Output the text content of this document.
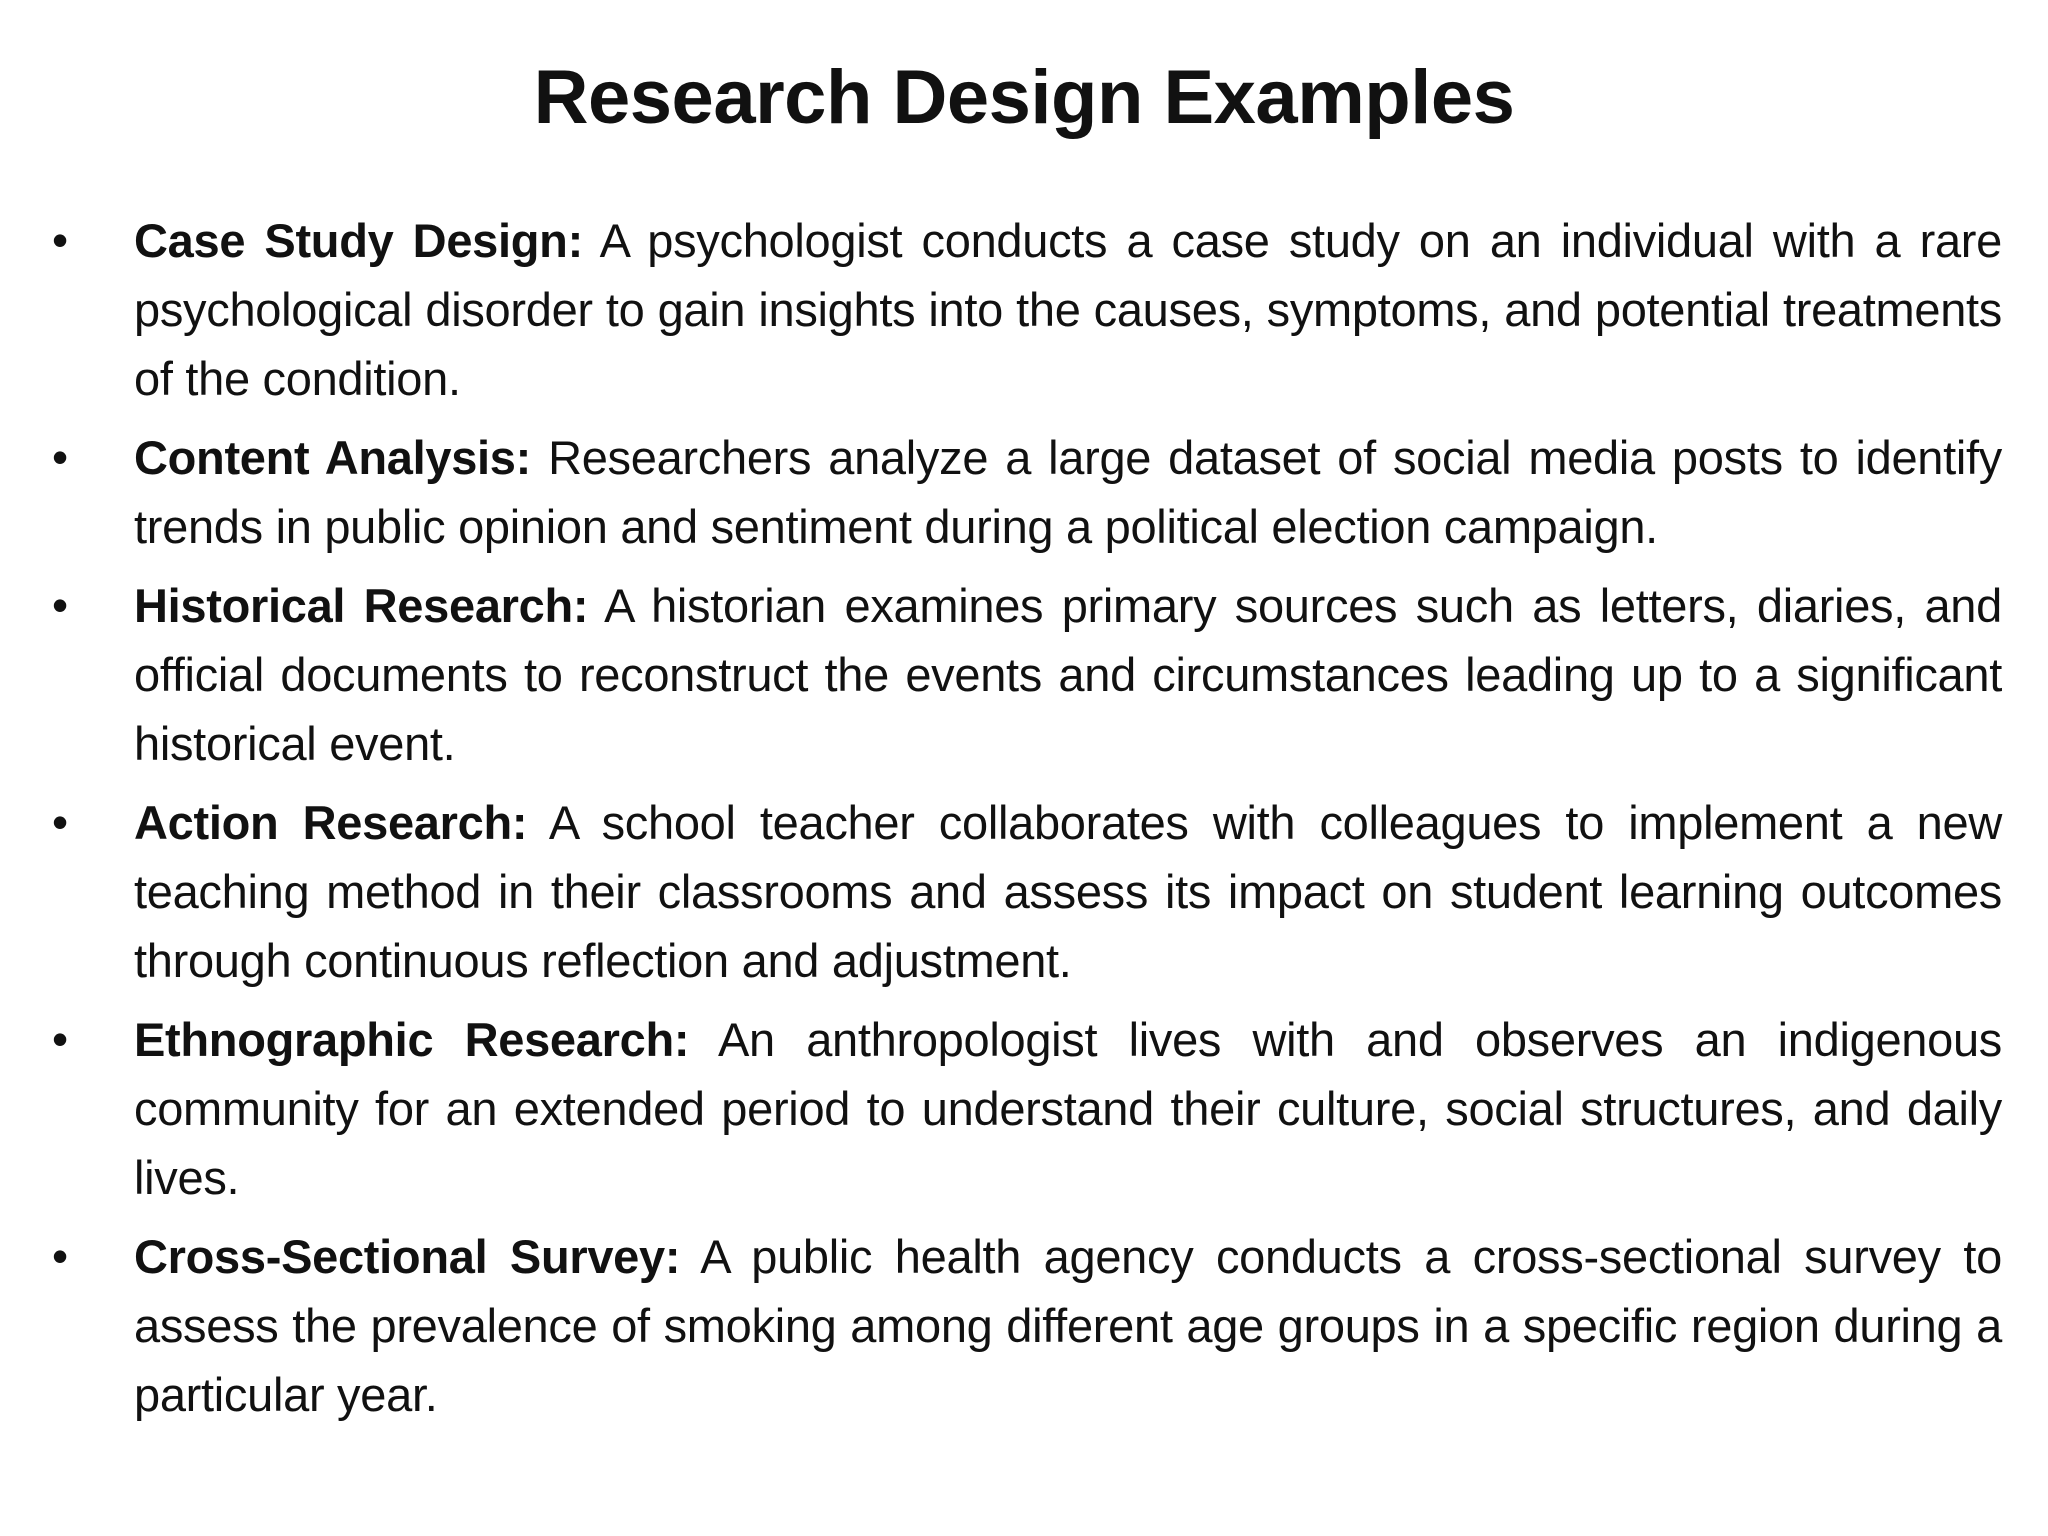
Research Design Examples
•	Case Study Design: A psychologist conducts a case study on an individual with a rare psychological disorder to gain insights into the causes, symptoms, and potential treatments of the condition.
•	Content Analysis: Researchers analyze a large dataset of social media posts to identify trends in public opinion and sentiment during a political election campaign.
•	Historical Research: A historian examines primary sources such as letters, diaries, and official documents to reconstruct the events and circumstances leading up to a significant historical event.
•	Action Research: A school teacher collaborates with colleagues to implement a new teaching method in their classrooms and assess its impact on student learning outcomes through continuous reflection and adjustment.
•	Ethnographic Research: An anthropologist lives with and observes an indigenous community for an extended period to understand their culture, social structures, and daily lives.
•	Cross-Sectional Survey: A public health agency conducts a cross-sectional survey to assess the prevalence of smoking among different age groups in a specific region during a particular year.
